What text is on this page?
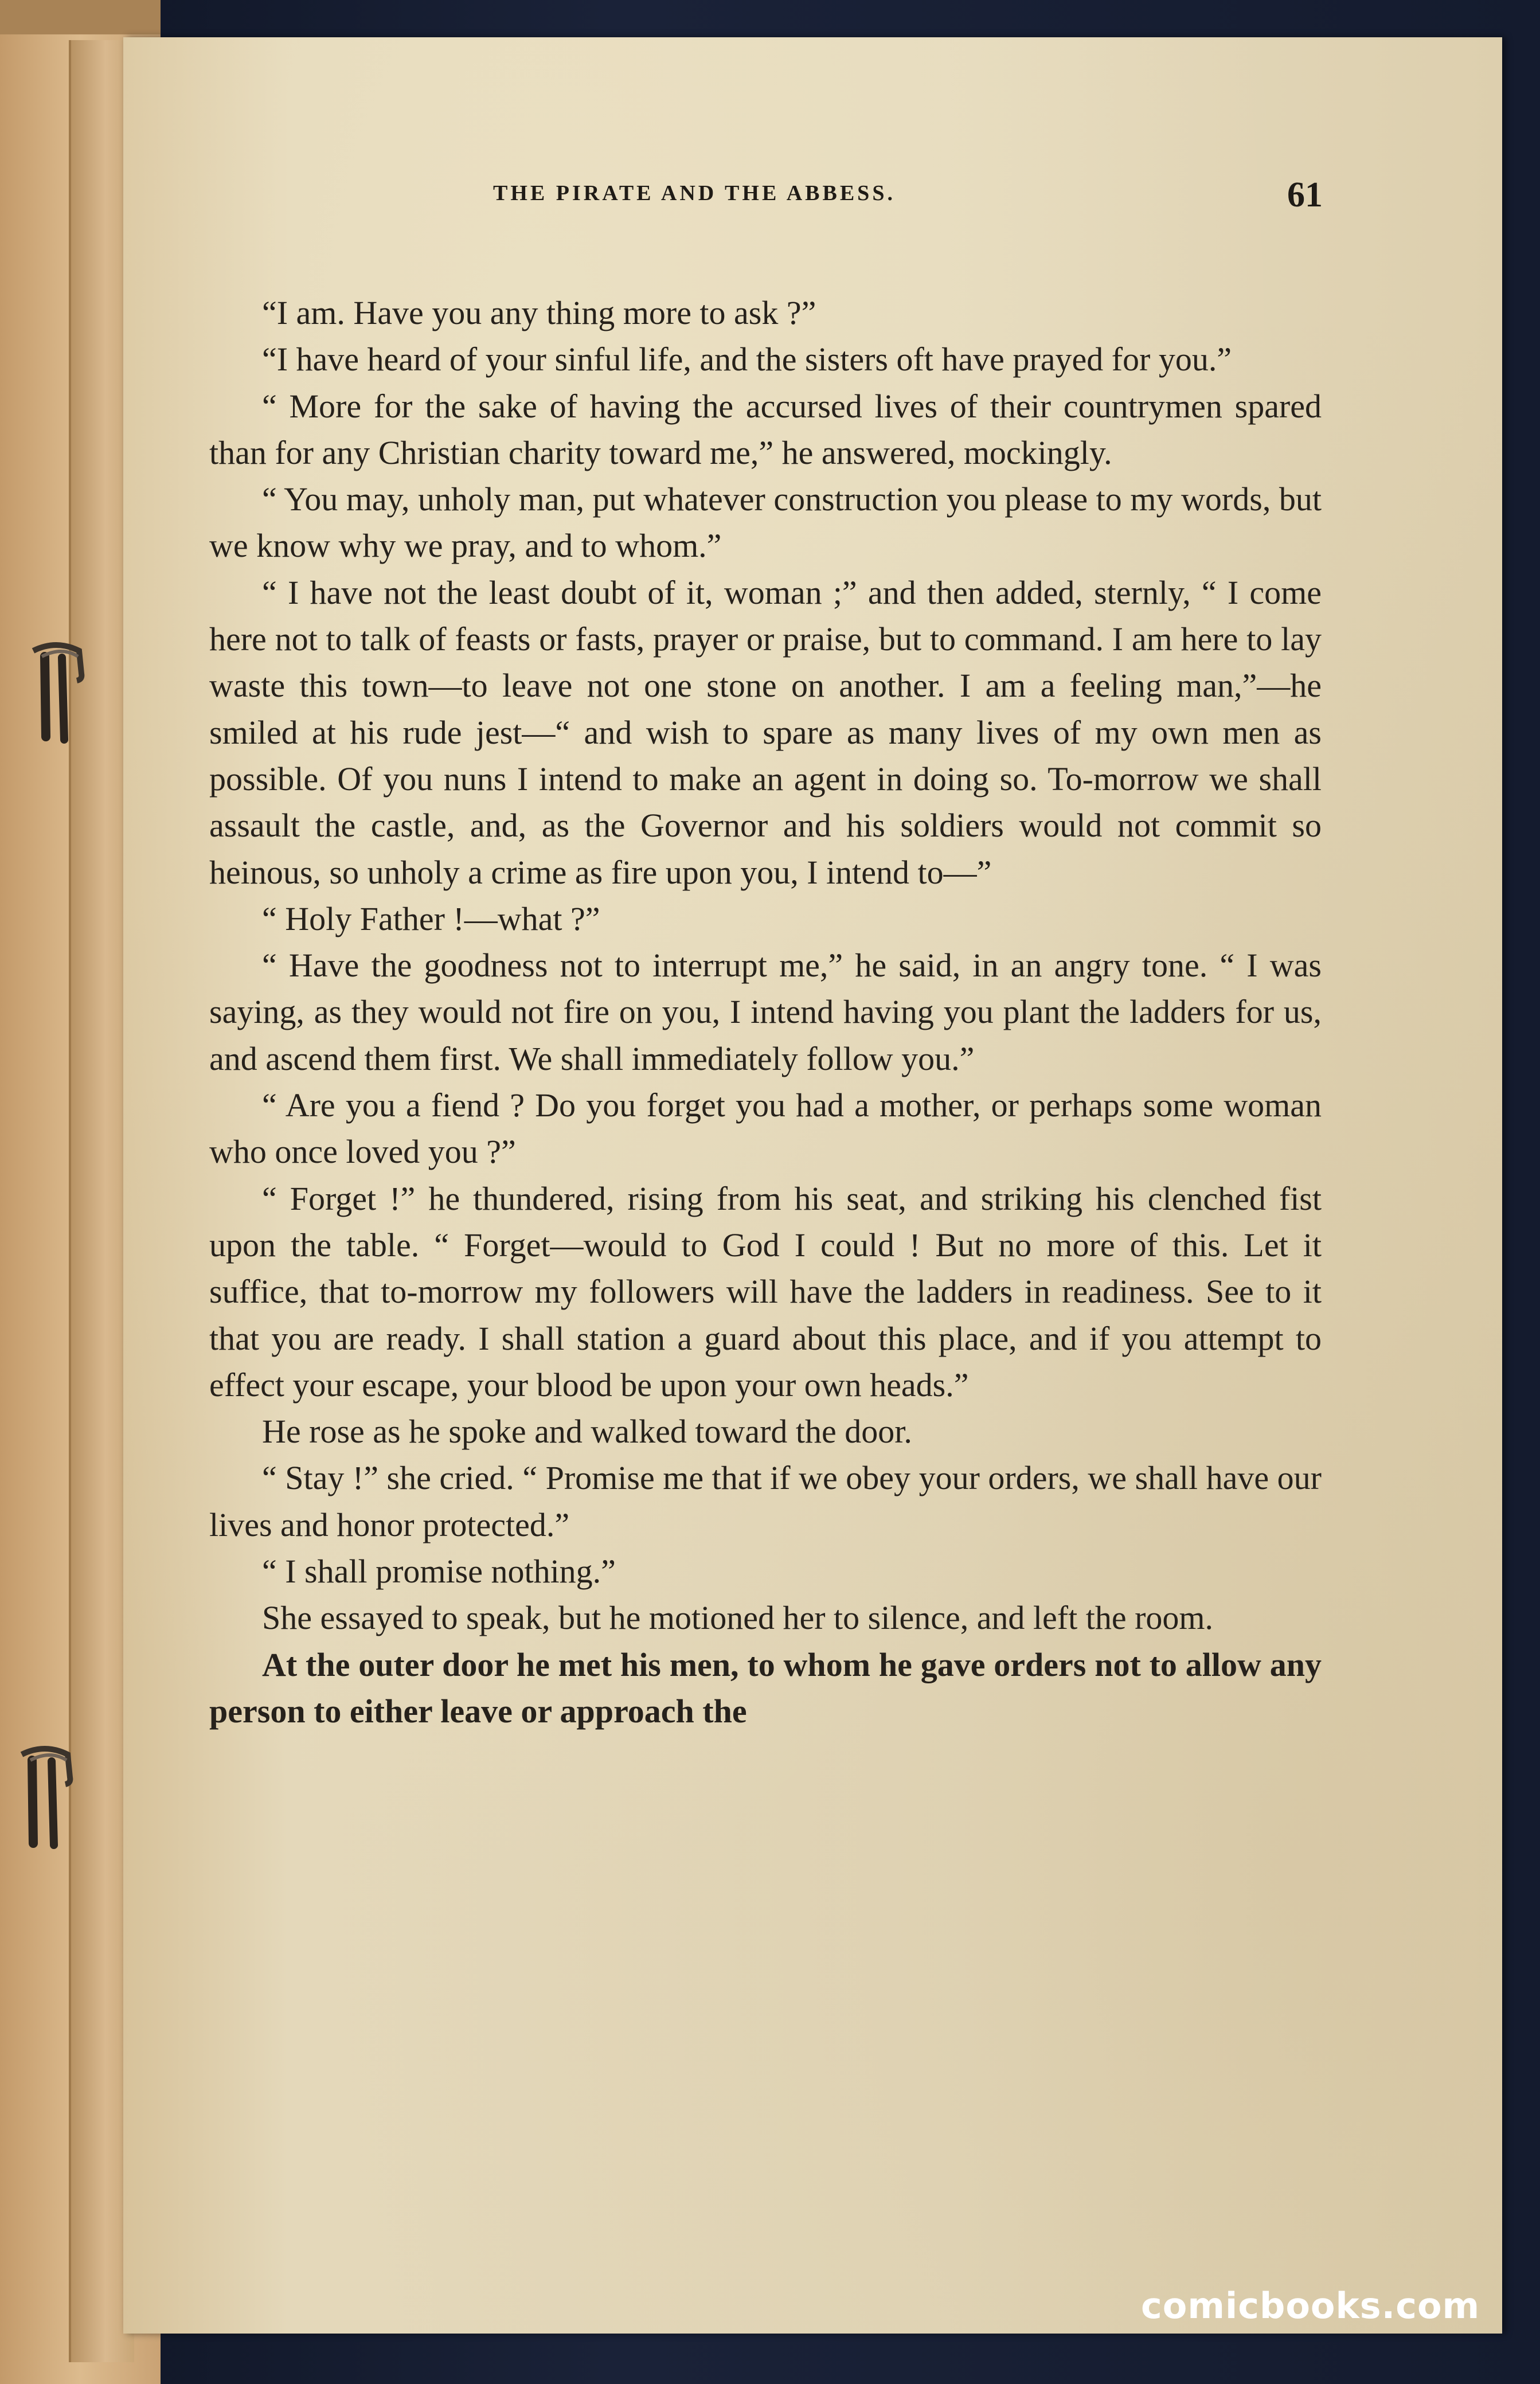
THE PIRATE AND THE ABBESS.	61

“I am. Have you any thing more to ask ?”

“I have heard of your sinful life, and the sisters oft have prayed for you.”

“ More for the sake of having the accursed lives of their countrymen spared than for any Christian charity toward me,” he answered, mockingly.

“ You may, unholy man, put whatever construction you please to my words, but we know why we pray, and to whom.”

“ I have not the least doubt of it, woman ;” and then added, sternly, “ I come here not to talk of feasts or fasts, prayer or praise, but to command. I am here to lay waste this town—to leave not one stone on another. I am a feeling man,”—he smiled at his rude jest—“ and wish to spare as many lives of my own men as possible. Of you nuns I intend to make an agent in doing so. To-morrow we shall assault the castle, and, as the Governor and his soldiers would not commit so heinous, so unholy a crime as fire upon you, I intend to—”

“ Holy Father !—what ?”

“ Have the goodness not to interrupt me,” he said, in an angry tone. “ I was saying, as they would not fire on you, I intend having you plant the ladders for us, and ascend them first. We shall immediately follow you.”

“ Are you a fiend ? Do you forget you had a mother, or perhaps some woman who once loved you ?”

“ Forget !” he thundered, rising from his seat, and striking his clenched fist upon the table. “ Forget—would to God I could ! But no more of this. Let it suffice, that to-morrow my followers will have the ladders in readiness. See to it that you are ready. I shall station a guard about this place, and if you attempt to effect your escape, your blood be upon your own heads.”

He rose as he spoke and walked toward the door.

“ Stay !” she cried. “ Promise me that if we obey your orders, we shall have our lives and honor protected.”

“ I shall promise nothing.”

She essayed to speak, but he motioned her to silence, and left the room.

At the outer door he met his men, to whom he gave orders not to allow any person to either leave or approach the

comicbooks.com
